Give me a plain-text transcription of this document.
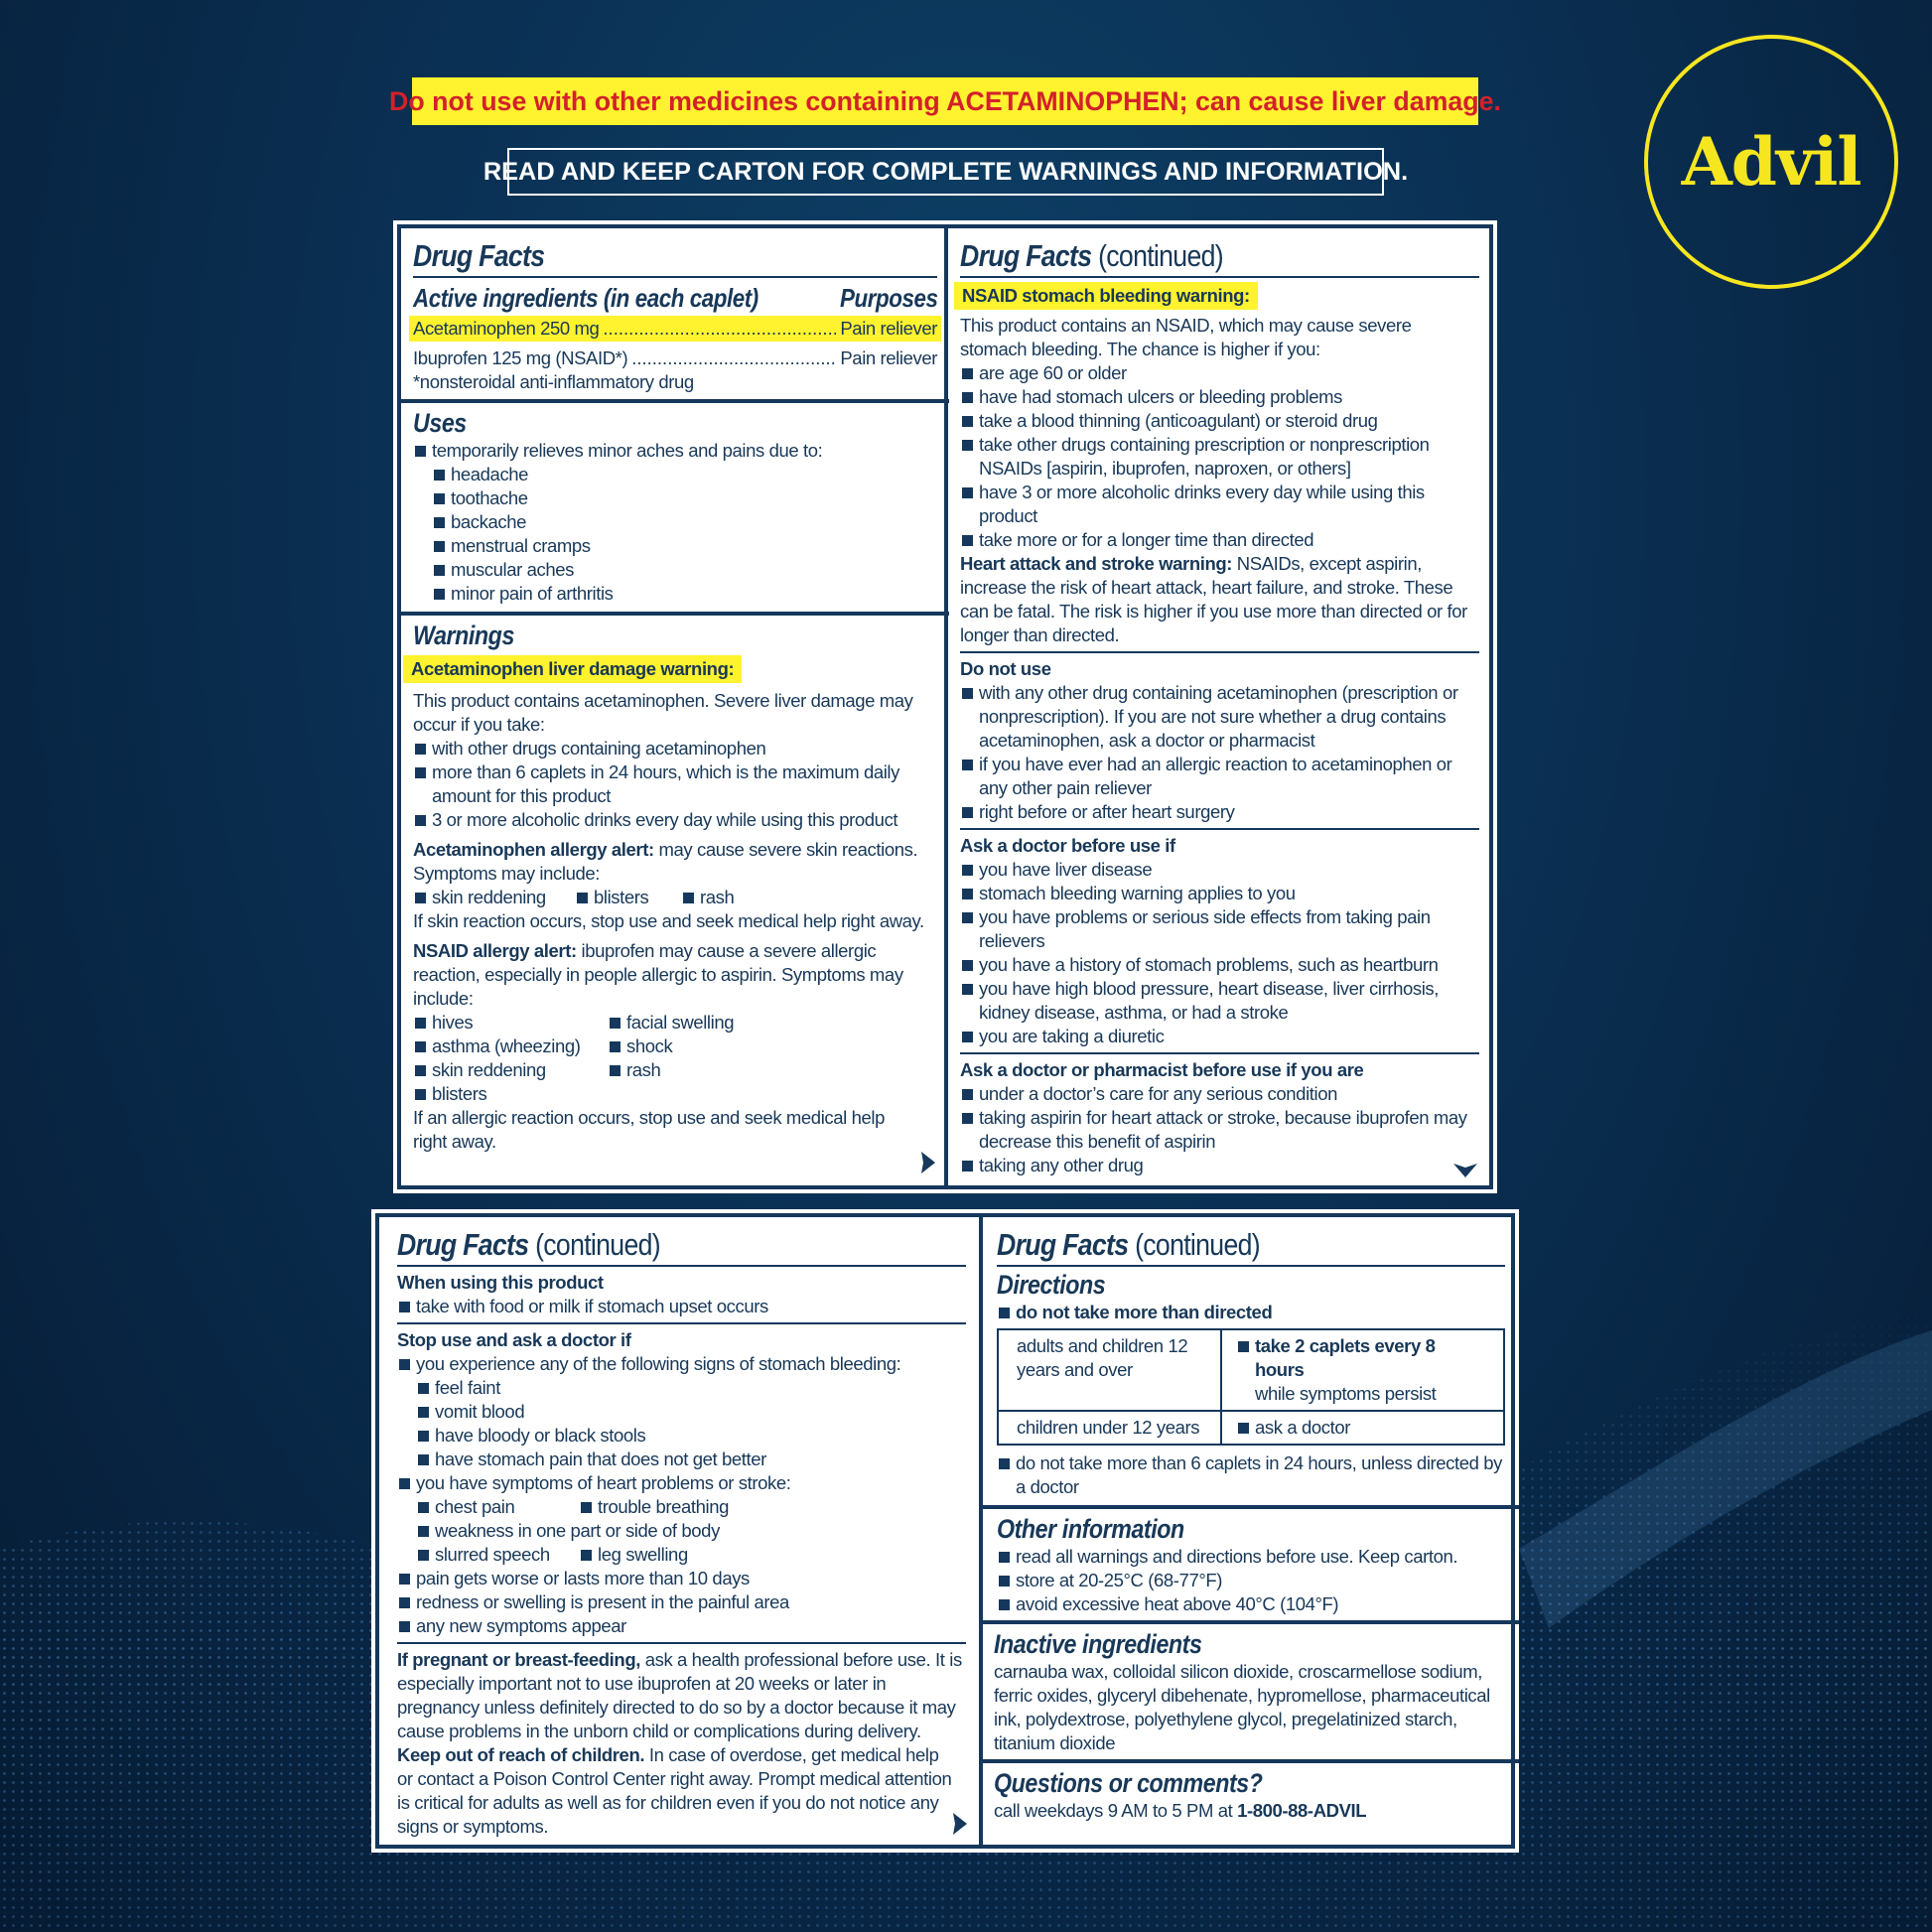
Do not use with other medicines containing ACETAMINOPHEN; can cause liver damage.
READ AND KEEP CARTON FOR COMPLETE WARNINGS AND INFORMATION.	Advil
Drug Facts
Active ingredients (in each caplet)	Purposes
Acetaminophen 250 mg .....	Pain reliever
Ibuprofen 125 mg (NSAID*) .....	Pain reliever
*nonsteroidal anti-inflammatory drug
Uses
temporarily relieves minor aches and pains due to:
headache
toothache
backache
menstrual cramps
muscular aches
minor pain of arthritis
Warnings
Acetaminophen liver damage warning:
This product contains acetaminophen. Severe liver damage may occur if you take:
with other drugs containing acetaminophen
more than 6 caplets in 24 hours, which is the maximum daily amount for this product
3 or more alcoholic drinks every day while using this product
Acetaminophen allergy alert: may cause severe skin reactions. Symptoms may include:
skin reddening	blisters	rash
If skin reaction occurs, stop use and seek medical help right away.
NSAID allergy alert: ibuprofen may cause a severe allergic reaction, especially in people allergic to aspirin. Symptoms may include:
hives
asthma (wheezing)
skin reddening
blisters
facial swelling
shock
rash
If an allergic reaction occurs, stop use and seek medical help right away.
Drug Facts (continued)
NSAID stomach bleeding warning:
This product contains an NSAID, which may cause severe stomach bleeding. The chance is higher if you:
are age 60 or older
have had stomach ulcers or bleeding problems
take a blood thinning (anticoagulant) or steroid drug
take other drugs containing prescription or nonprescription NSAIDs [aspirin, ibuprofen, naproxen, or others]
have 3 or more alcoholic drinks every day while using this product
take more or for a longer time than directed
Heart attack and stroke warning: NSAIDs, except aspirin, increase the risk of heart attack, heart failure, and stroke. These can be fatal. The risk is higher if you use more than directed or for longer than directed.
Do not use
with any other drug containing acetaminophen (prescription or nonprescription). If you are not sure whether a drug contains acetaminophen, ask a doctor or pharmacist
if you have ever had an allergic reaction to acetaminophen or any other pain reliever
right before or after heart surgery
Ask a doctor before use if
you have liver disease
stomach bleeding warning applies to you
you have problems or serious side effects from taking pain relievers
you have a history of stomach problems, such as heartburn
you have high blood pressure, heart disease, liver cirrhosis, kidney disease, asthma, or had a stroke
you are taking a diuretic
Ask a doctor or pharmacist before use if you are
under a doctor’s care for any serious condition
taking aspirin for heart attack or stroke, because ibuprofen may decrease this benefit of aspirin
taking any other drug
Drug Facts (continued)
When using this product
take with food or milk if stomach upset occurs
Stop use and ask a doctor if
you experience any of the following signs of stomach bleeding:
feel faint
vomit blood
have bloody or black stools
have stomach pain that does not get better
you have symptoms of heart problems or stroke:
chest pain	trouble breathing
weakness in one part or side of body
slurred speech	leg swelling
pain gets worse or lasts more than 10 days
redness or swelling is present in the painful area
any new symptoms appear
If pregnant or breast-feeding, ask a health professional before use. It is especially important not to use ibuprofen at 20 weeks or later in pregnancy unless definitely directed to do so by a doctor because it may cause problems in the unborn child or complications during delivery.
Keep out of reach of children. In case of overdose, get medical help or contact a Poison Control Center right away. Prompt medical attention is critical for adults as well as for children even if you do not notice any signs or symptoms.
Drug Facts (continued)
Directions
do not take more than directed
adults and children 12 years and over	take 2 caplets every 8 hours
while symptoms persist

children under 12 years	ask a doctor
do not take more than 6 caplets in 24 hours, unless directed by a doctor
Other information
read all warnings and directions before use. Keep carton.
store at 20-25°C (68-77°F)
avoid excessive heat above 40°C (104°F)
Inactive ingredients
carnauba wax, colloidal silicon dioxide, croscarmellose sodium, ferric oxides, glyceryl dibehenate, hypromellose, pharmaceutical ink, polydextrose, polyethylene glycol, pregelatinized starch, titanium dioxide
Questions or comments?
call weekdays 9 AM to 5 PM at 1-800-88-ADVIL
